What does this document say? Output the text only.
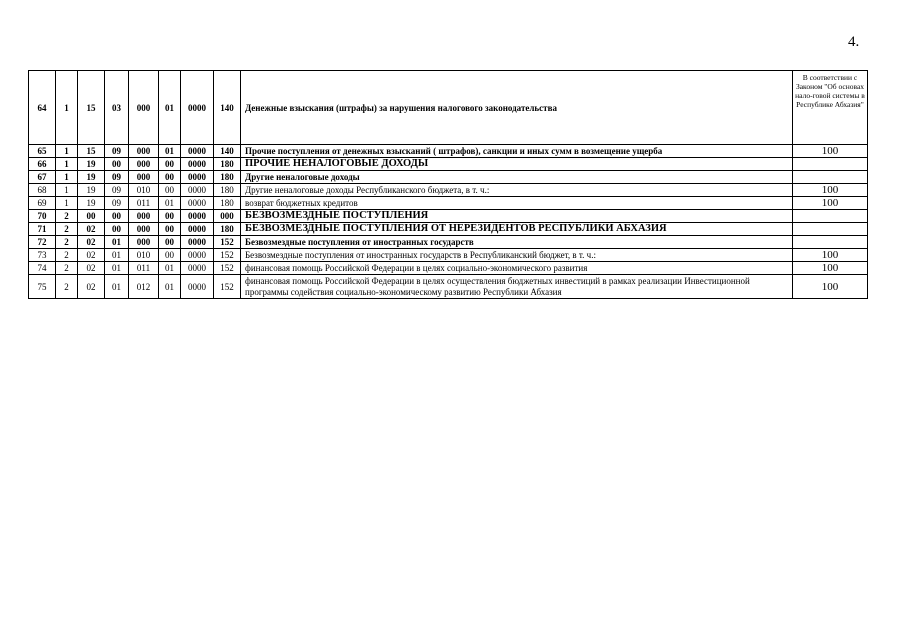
4.
64	1	15	03	000	01	0000	140	Денежные взыскания (штрафы) за нарушения налогового законодательства	В соответствии с Законом "Об основах нало-говой системы в Республике Абхазия"
65	1	15	09	000	01	0000	140	Прочие поступления от денежных взысканий ( штрафов), санкции и иных сумм в возмещение ущерба	100
66	1	19	00	000	00	0000	180	ПРОЧИЕ НЕНАЛОГОВЫЕ ДОХОДЫ	
67	1	19	09	000	00	0000	180	Другие неналоговые доходы	
68	1	19	09	010	00	0000	180	Другие неналоговые доходы Республиканского бюджета, в т. ч.:	100
69	1	19	09	011	01	0000	180	возврат бюджетных кредитов	100
70	2	00	00	000	00	0000	000	БЕЗВОЗМЕЗДНЫЕ ПОСТУПЛЕНИЯ	
71	2	02	00	000	00	0000	180	БЕЗВОЗМЕЗДНЫЕ ПОСТУПЛЕНИЯ ОТ НЕРЕЗИДЕНТОВ РЕСПУБЛИКИ АБХАЗИЯ	
72	2	02	01	000	00	0000	152	Безвозмездные поступления от иностранных государств	
73	2	02	01	010	00	0000	152	Безвозмездные поступления от иностранных государств в Республиканский бюджет, в т. ч.:	100
74	2	02	01	011	01	0000	152	финансовая помощь Российской Федерации в целях социально-экономического развития	100
75	2	02	01	012	01	0000	152	финансовая помощь Российской Федерации в целях осуществления бюджетных инвестиций в рамках реализации Инвестиционной программы содействия социально-экономическому развитию Республики Абхазия	100
